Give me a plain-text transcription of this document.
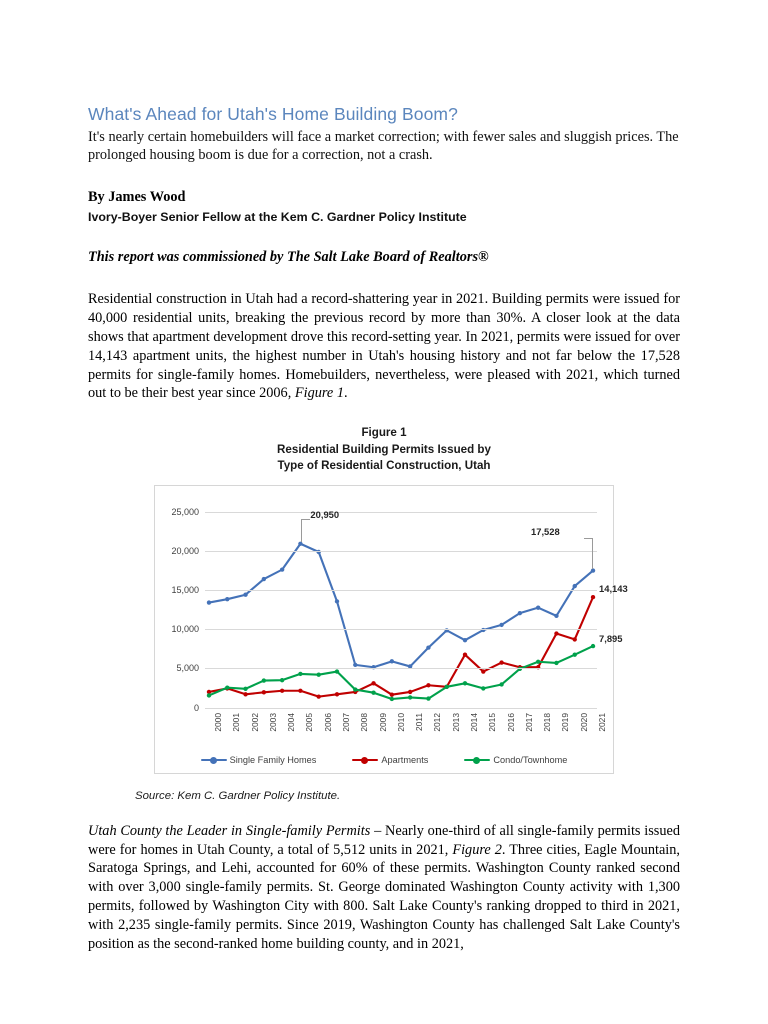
What's Ahead for Utah's Home Building Boom?

It's nearly certain homebuilders will face a market correction; with fewer sales and sluggish prices. The prolonged housing boom is due for a correction, not a crash.

By James Wood

Ivory-Boyer Senior Fellow at the Kem C. Gardner Policy Institute

This report was commissioned by The Salt Lake Board of Realtors®

Residential construction in Utah had a record-shattering year in 2021. Building permits were issued for 40,000 residential units, breaking the previous record by more than 30%. A closer look at the data shows that apartment development drove this record-setting year. In 2021, permits were issued for over 14,143 apartment units, the highest number in Utah's housing history and not far below the 17,528 permits for single-family homes. Homebuilders, nevertheless, were pleased with 2021, which turned out to be their best year since 2006, Figure 1.

Figure 1
Residential Building Permits Issued by
Type of Residential Construction, Utah
25,000
20,000
15,000
10,000
5,000
0
2000 2001 2002 2003 2004 2005 2006 2007 2008 2009 2010 2011 2012 2013 2014 2015 2016 2017 2018 2019 2020 2021
20,950
17,528
14,143
7,895
Single Family Homes	Apartments	Condo/Townhome

Source: Kem C. Gardner Policy Institute.

Utah County the Leader in Single-family Permits – Nearly one-third of all single-family permits issued were for homes in Utah County, a total of 5,512 units in 2021, Figure 2. Three cities, Eagle Mountain, Saratoga Springs, and Lehi, accounted for 60% of these permits. Washington County ranked second with over 3,000 single-family permits. St. George dominated Washington County activity with 1,300 permits, followed by Washington City with 800. Salt Lake County's ranking dropped to third in 2021, with 2,235 single-family permits. Since 2019, Washington County has challenged Salt Lake County's position as the second-ranked home building county, and in 2021,
